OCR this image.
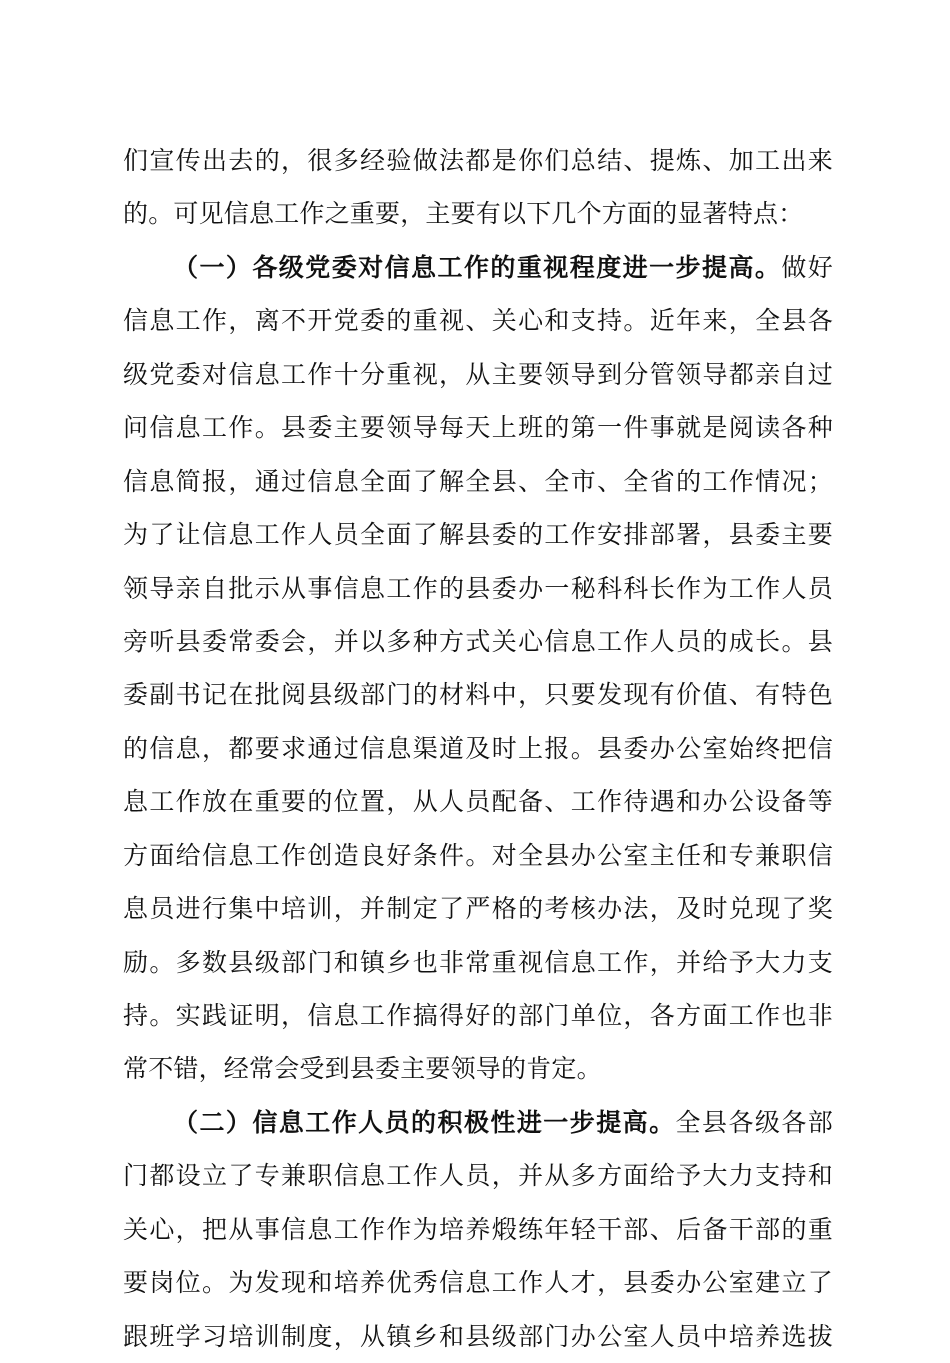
们宣传出去的，很多经验做法都是你们总结、提炼、加工出来
的。可见信息工作之重要，主要有以下几个方面的显著特点：
（一）各级党委对信息工作的重视程度进一步提高。做好
信息工作，离不开党委的重视、关心和支持。近年来，全县各
级党委对信息工作十分重视，从主要领导到分管领导都亲自过
问信息工作。县委主要领导每天上班的第一件事就是阅读各种
信息简报，通过信息全面了解全县、全市、全省的工作情况；
为了让信息工作人员全面了解县委的工作安排部署，县委主要
领导亲自批示从事信息工作的县委办一秘科科长作为工作人员
旁听县委常委会，并以多种方式关心信息工作人员的成长。县
委副书记在批阅县级部门的材料中，只要发现有价值、有特色
的信息，都要求通过信息渠道及时上报。县委办公室始终把信
息工作放在重要的位置，从人员配备、工作待遇和办公设备等
方面给信息工作创造良好条件。对全县办公室主任和专兼职信
息员进行集中培训，并制定了严格的考核办法，及时兑现了奖
励。多数县级部门和镇乡也非常重视信息工作，并给予大力支
持。实践证明，信息工作搞得好的部门单位，各方面工作也非
常不错，经常会受到县委主要领导的肯定。
（二）信息工作人员的积极性进一步提高。全县各级各部
门都设立了专兼职信息工作人员，并从多方面给予大力支持和
关心，把从事信息工作作为培养煅练年轻干部、后备干部的重
要岗位。为发现和培养优秀信息工作人才，县委办公室建立了
跟班学习培训制度，从镇乡和县级部门办公室人员中培养选拔
